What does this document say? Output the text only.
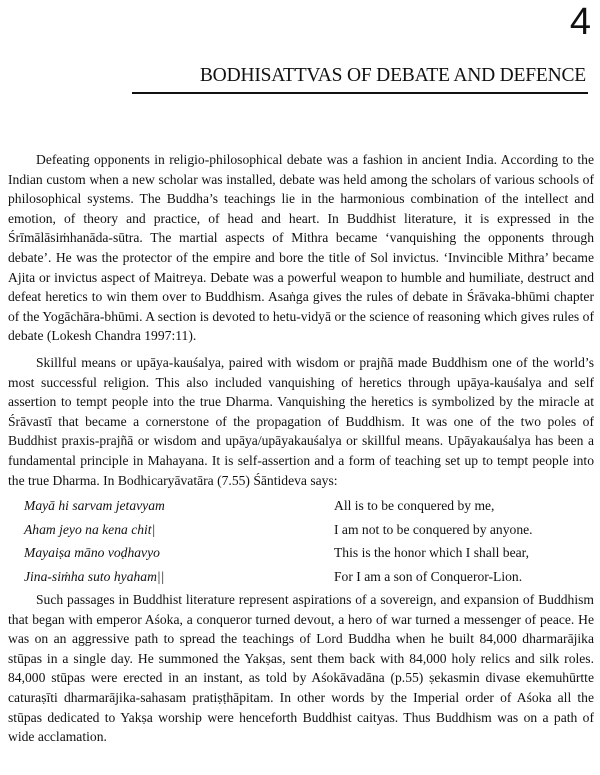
4
BODHISATTVAS OF DEBATE AND DEFENCE

Defeating opponents in religio-philosophical debate was a fashion in ancient India. According to the Indian custom when a new scholar was installed, debate was held among the scholars of various schools of philosophical systems. The Buddha’s teachings lie in the harmonious combination of the intellect and emotion, of theory and practice, of head and heart. In Buddhist literature, it is expressed in the Śrīmālāsiṁhanāda-sūtra. The martial aspects of Mithra became ‘vanquishing the opponents through debate’. He was the protector of the empire and bore the title of Sol invictus. ‘Invincible Mithra’ became Ajita or invictus aspect of Maitreya. Debate was a powerful weapon to humble and humiliate, destruct and defeat heretics to win them over to Buddhism. Asaṅga gives the rules of debate in Śrāvaka-bhūmi chapter of the Yogāchāra-bhūmi. A section is devoted to hetu-vidyā or the science of reasoning which gives rules of debate (Lokesh Chandra 1997:11).

Skillful means or upāya-kauśalya, paired with wisdom or prajñā made Buddhism one of the world’s most successful religion. This also included vanquishing of heretics through upāya-kauśalya and self assertion to tempt people into the true Dharma. Vanquishing the heretics is symbolized by the miracle at Śrāvastī that became a cornerstone of the propagation of Buddhism. It was one of the two poles of Buddhist praxis-prajñā or wisdom and upāya/upāyakauśalya or skillful means. Upāyakauśalya has been a fundamental principle in Mahayana. It is self-assertion and a form of teaching set up to tempt people into the true Dharma. In Bodhicaryāvatāra (7.55) Śāntideva says:

Mayā hi sarvam jetavyam	All is to be conquered by me,
Aham jeyo na kena chit|	I am not to be conquered by anyone.
Mayaiṣa māno voḍhavyo	This is the honor which I shall bear,
Jina-siṁha suto hyaham||	For I am a son of Conqueror-Lion.

Such passages in Buddhist literature represent aspirations of a sovereign, and expansion of Buddhism that began with emperor Aśoka, a conqueror turned devout, a hero of war turned a messenger of peace. He was on an aggressive path to spread the teachings of Lord Buddha when he built 84,000 dharmarājika stūpas in a single day. He summoned the Yakṣas, sent them back with 84,000 holy relics and silk roles. 84,000 stūpas were erected in an instant, as told by Aśokāvadāna (p.55) ṣekasmin divase ekemuhūrtte caturaṣīti dharmarājika-sahasam pratiṣṭhāpitam. In other words by the Imperial order of Aśoka all the stūpas dedicated to Yakṣa worship were henceforth Buddhist caityas. Thus Buddhism was on a path of wide acclamation.
